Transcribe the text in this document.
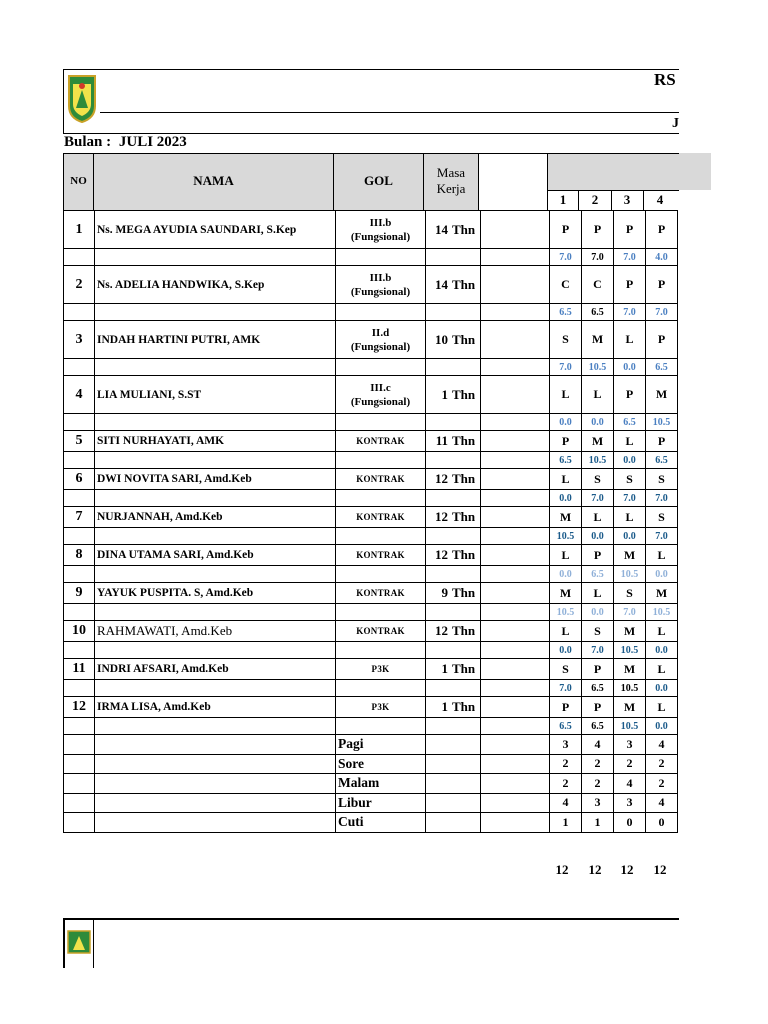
RS
J
Bulan : JULI 2023
NO	NAMA	GOL
Masa
Kerja
1	2	3	4
1	Ns. MEGA AYUDIA SAUNDARI, S.Kep	III.b
(Fungsional)	14 Thn		P	P	P	P
					7.0	7.0	7.0	4.0
2	Ns. ADELIA HANDWIKA, S.Kep	III.b
(Fungsional)	14 Thn		C	C	P	P
					6.5	6.5	7.0	7.0
3	INDAH HARTINI PUTRI, AMK	II.d
(Fungsional)	10 Thn		S	M	L	P
					7.0	10.5	0.0	6.5
4	LIA MULIANI, S.ST	III.c
(Fungsional)	1 Thn		L	L	P	M
					0.0	0.0	6.5	10.5
5	SITI NURHAYATI, AMK	KONTRAK	11 Thn		P	M	L	P
					6.5	10.5	0.0	6.5
6	DWI NOVITA SARI, Amd.Keb	KONTRAK	12 Thn		L	S	S	S
					0.0	7.0	7.0	7.0
7	NURJANNAH, Amd.Keb	KONTRAK	12 Thn		M	L	L	S
					10.5	0.0	0.0	7.0
8	DINA UTAMA SARI, Amd.Keb	KONTRAK	12 Thn		L	P	M	L
					0.0	6.5	10.5	0.0
9	YAYUK PUSPITA. S, Amd.Keb	KONTRAK	9 Thn		M	L	S	M
					10.5	0.0	7.0	10.5
10	RAHMAWATI, Amd.Keb	KONTRAK	12 Thn		L	S	M	L
					0.0	7.0	10.5	0.0
11	INDRI AFSARI, Amd.Keb	P3K	1 Thn		S	P	M	L
					7.0	6.5	10.5	0.0
12	IRMA LISA, Amd.Keb	P3K	1 Thn		P	P	M	L
					6.5	6.5	10.5	0.0
		Pagi			3	4	3	4
		Sore			2	2	2	2
		Malam			2	2	4	2
		Libur			4	3	3	4
		Cuti			1	1	0	0
12	12	12	12
